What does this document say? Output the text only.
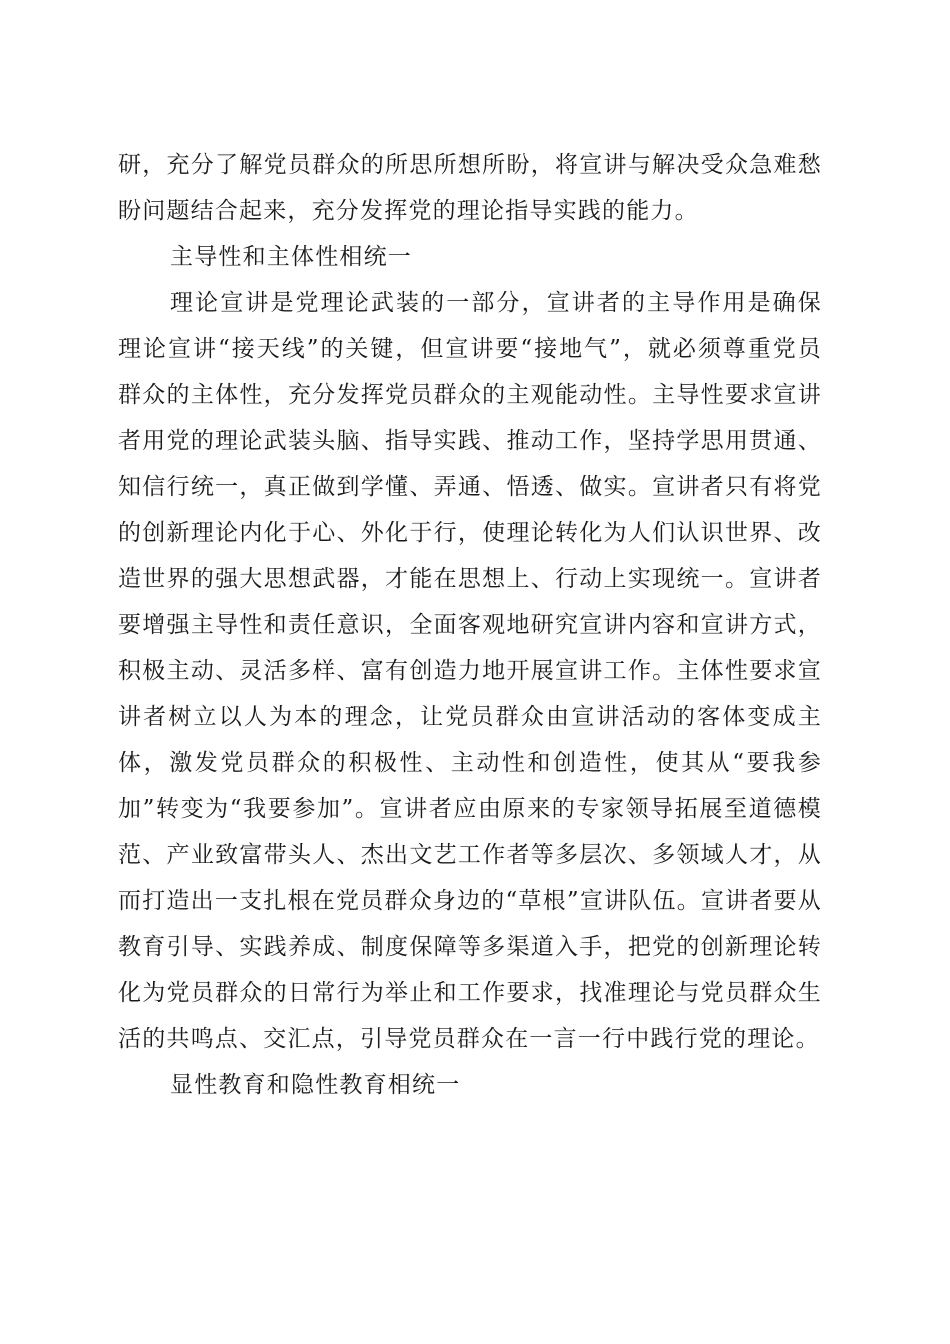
研，充分了解党员群众的所思所想所盼，将宣讲与解决受众急难愁盼问题结合起来，充分发挥党的理论指导实践的能力。

主导性和主体性相统一

理论宣讲是党理论武装的一部分，宣讲者的主导作用是确保理论宣讲“接天线”的关键，但宣讲要“接地气”，就必须尊重党员群众的主体性，充分发挥党员群众的主观能动性。主导性要求宣讲者用党的理论武装头脑、指导实践、推动工作，坚持学思用贯通、知信行统一，真正做到学懂、弄通、悟透、做实。宣讲者只有将党的创新理论内化于心、外化于行，使理论转化为人们认识世界、改造世界的强大思想武器，才能在思想上、行动上实现统一。宣讲者要增强主导性和责任意识，全面客观地研究宣讲内容和宣讲方式，积极主动、灵活多样、富有创造力地开展宣讲工作。主体性要求宣讲者树立以人为本的理念，让党员群众由宣讲活动的客体变成主体，激发党员群众的积极性、主动性和创造性，使其从“要我参加”转变为“我要参加”。宣讲者应由原来的专家领导拓展至道德模范、产业致富带头人、杰出文艺工作者等多层次、多领域人才，从而打造出一支扎根在党员群众身边的“草根”宣讲队伍。宣讲者要从教育引导、实践养成、制度保障等多渠道入手，把党的创新理论转化为党员群众的日常行为举止和工作要求，找准理论与党员群众生活的共鸣点、交汇点，引导党员群众在一言一行中践行党的理论。

显性教育和隐性教育相统一
